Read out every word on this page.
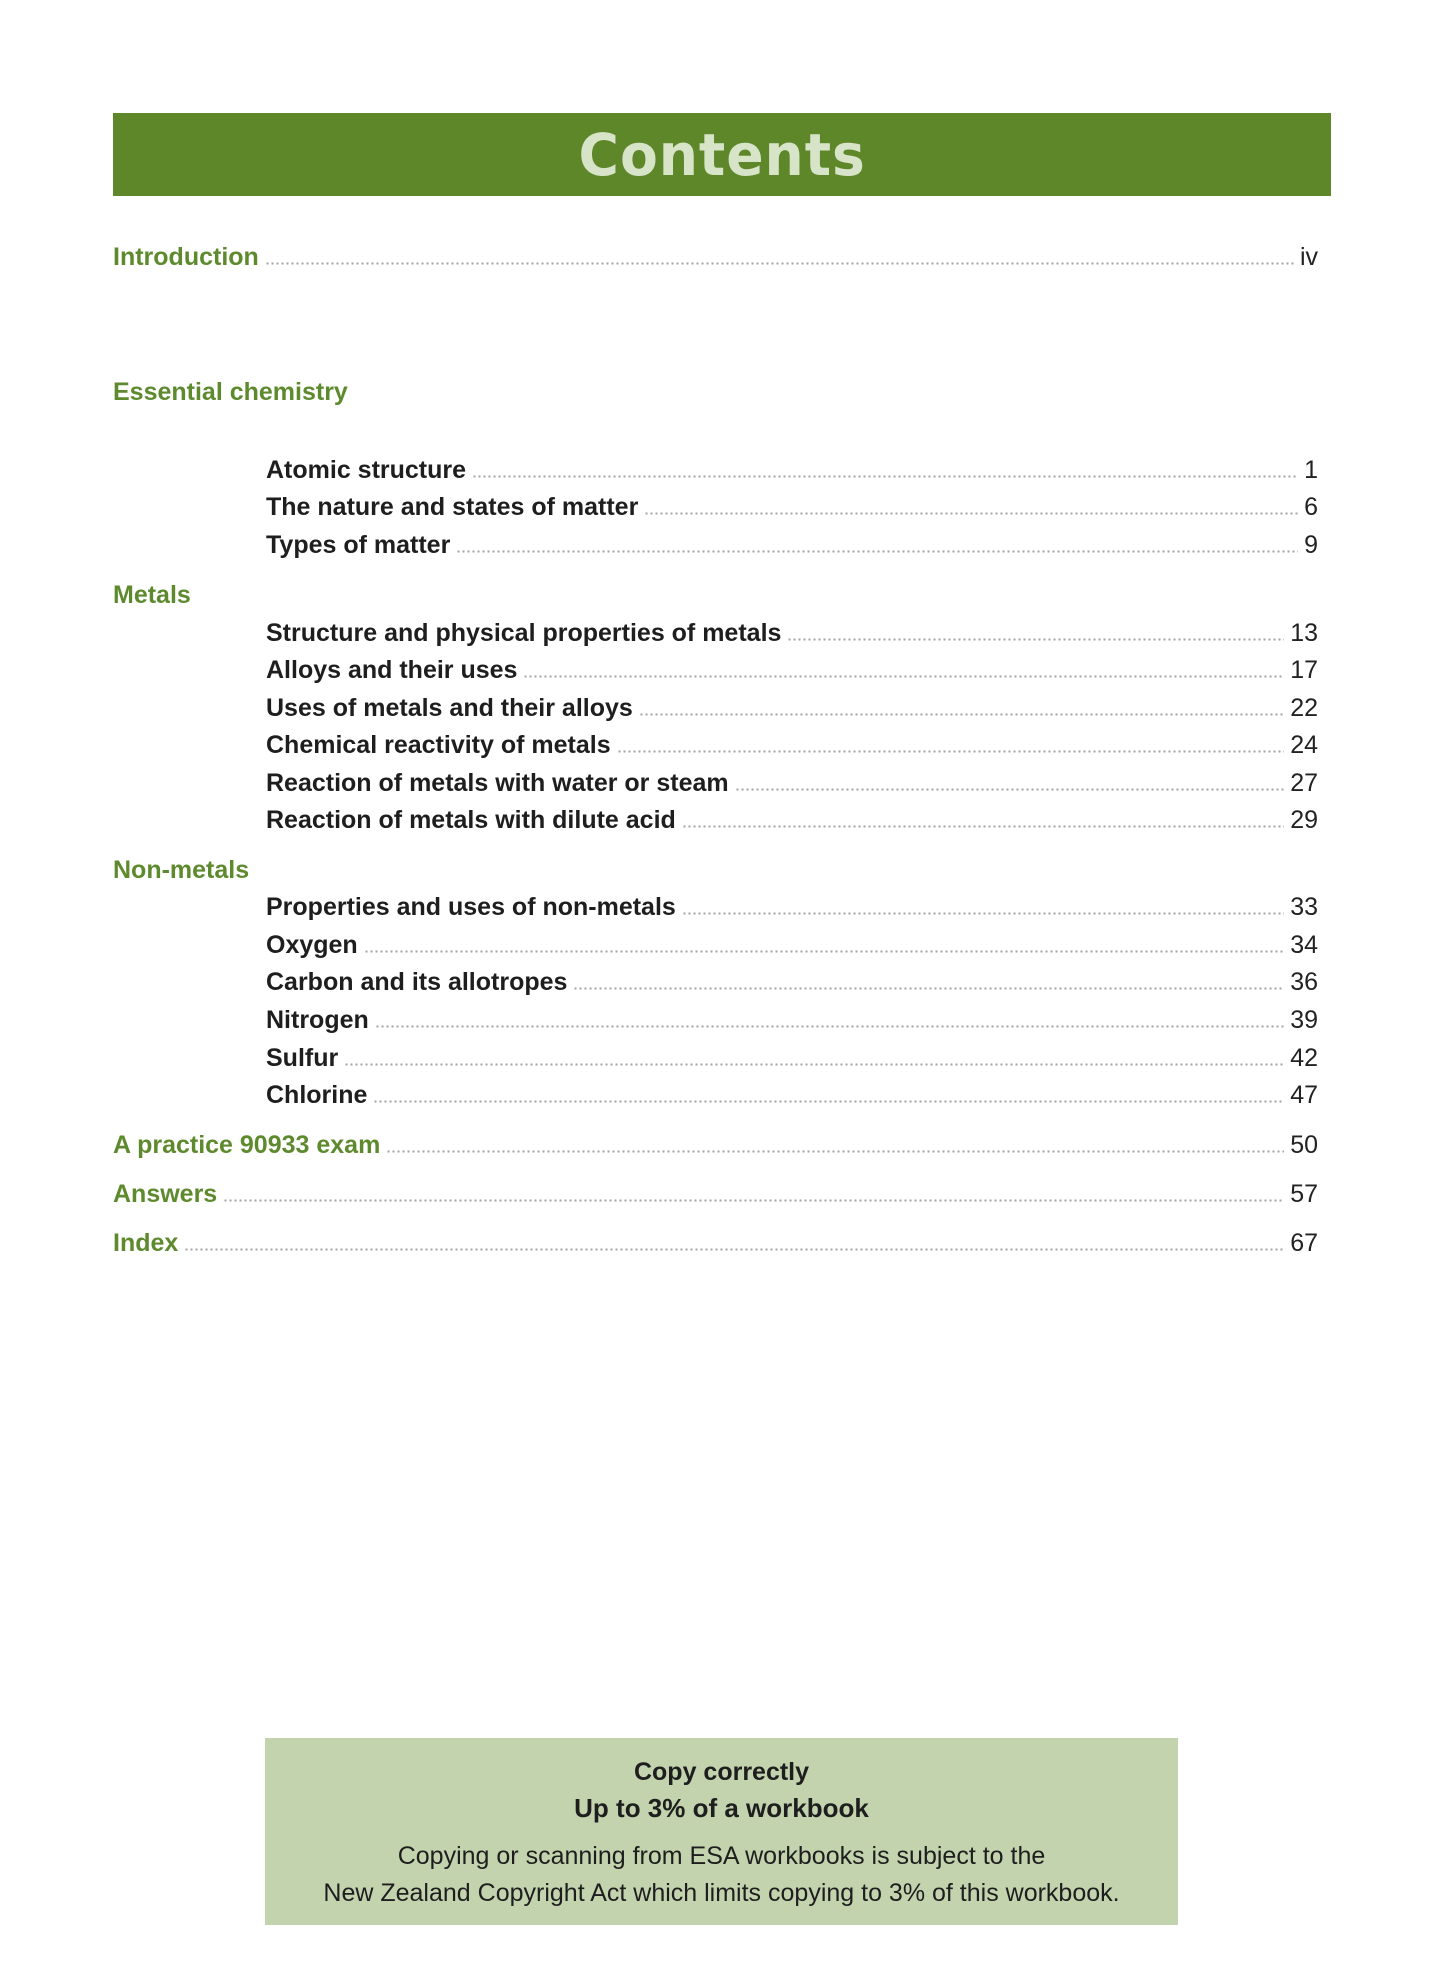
Contents
Introduction	iv
Essential chemistry
Atomic structure	1
The nature and states of matter	6
Types of matter	9
Metals
Structure and physical properties of metals	13
Alloys and their uses	17
Uses of metals and their alloys	22
Chemical reactivity of metals	24
Reaction of metals with water or steam	27
Reaction of metals with dilute acid	29
Non-metals
Properties and uses of non-metals	33
Oxygen	34
Carbon and its allotropes	36
Nitrogen	39
Sulfur	42
Chlorine	47
A practice 90933 exam	50
Answers	57
Index	67
Copy correctly
Up to 3% of a workbook
Copying or scanning from ESA workbooks is subject to the
New Zealand Copyright Act which limits copying to 3% of this workbook.
